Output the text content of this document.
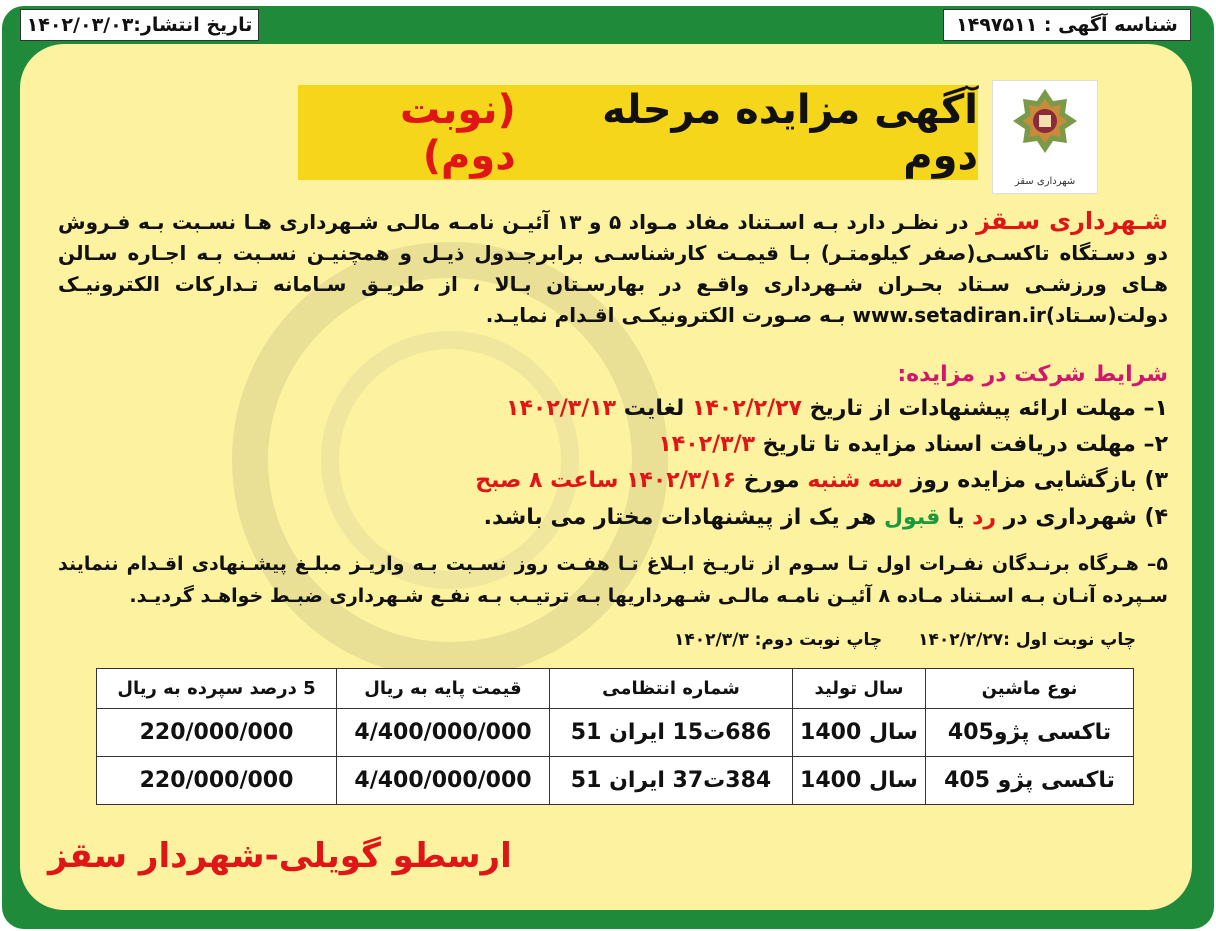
شناسه آگهی : ۱۴۹۷۵۱۱
تاریخ انتشار:۱۴۰۲/۰۳/۰۳
شهرداری سقز
آگهی مزایده مرحله دوم
(نوبت دوم)

شـهرداری سـقز در نظـر دارد بـه اسـتناد مفاد مـواد ۵ و ۱۳ آئیـن نامـه مالـی شـهرداری هـا نسـبت بـه فـروش دو دسـتگاه تاکسـی(صفر کیلومتـر) بـا قیمـت کارشناسـی برابرجـدول ذیـل و همچنیـن نسـبت بـه اجـاره سـالن هـای ورزشـی سـتاد بحـران شـهرداری واقـع در بهارسـتان بـالا ، از طریـق سـامانه تـدارکات الکترونیـک دولت(سـتاد)www.setadiran.ir بـه صـورت الکترونیکـی اقـدام نمایـد.

شرایط شرکت در مزایده:
۱– مهلت ارائه پیشنهادات از تاریخ ۱۴۰۲/۲/۲۷ لغایت ۱۴۰۲/۳/۱۳
۲– مهلت دریافت اسناد مزایده تا تاریخ ۱۴۰۲/۳/۳
۳) بازگشایی مزایده روز سه شنبه مورخ ۱۴۰۲/۳/۱۶ ساعت ۸ صبح
۴) شهرداری در رد یا قبول هر یک از پیشنهادات مختار می باشد.
۵– هـرگاه برنـدگان نفـرات اول تـا سـوم از تاریـخ ابـلاغ تـا هفـت روز نسـبت بـه واریـز مبلـغ پیشـنهادی اقـدام ننمایند سـپرده آنـان بـه اسـتناد مـاده ۸ آئیـن نامـه مالـی شـهرداریها بـه ترتیـب بـه نفـع شـهرداری ضبـط خواهـد گردیـد.
چاپ نوبت اول :۱۴۰۲/۲/۲۷ چاپ نوبت دوم: ۱۴۰۲/۳/۳
نوع ماشین	سال تولید	شماره انتظامی	قیمت پایه به ریال	5 درصد سپرده به ریال
تاکسی پژو405	سال 1400	686ت15 ایران 51	4/400/000/000	220/000/000
تاکسی پژو 405	سال 1400	384ت37 ایران 51	4/400/000/000	220/000/000
ارسطو گویلی-شهردار سقز
